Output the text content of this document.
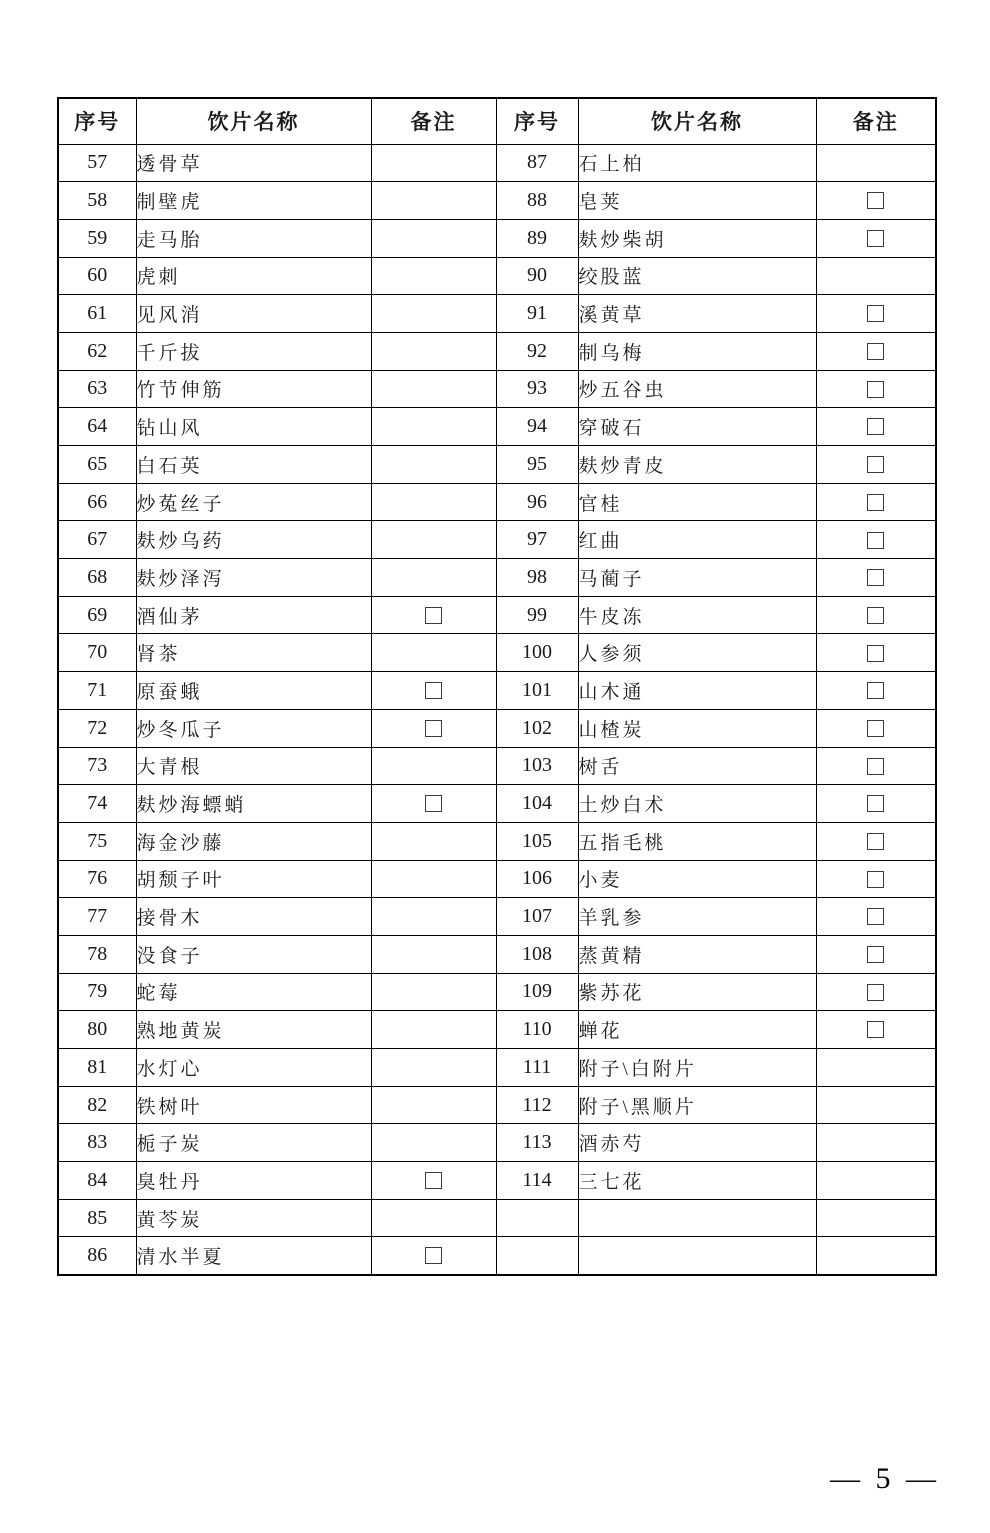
序号	饮片名称	备注	序号	饮片名称	备注
57	透骨草		87	石上柏	
58	制壁虎		88	皂荚	
59	走马胎		89	麸炒柴胡	
60	虎刺		90	绞股蓝	
61	见风消		91	溪黄草	
62	千斤拔		92	制乌梅	
63	竹节伸筋		93	炒五谷虫	
64	钻山风		94	穿破石	
65	白石英		95	麸炒青皮	
66	炒菟丝子		96	官桂	
67	麸炒乌药		97	红曲	
68	麸炒泽泻		98	马蔺子	
69	酒仙茅		99	牛皮冻	
70	肾茶		100	人参须	
71	原蚕蛾		101	山木通	
72	炒冬瓜子		102	山楂炭	
73	大青根		103	树舌	
74	麸炒海螵蛸		104	土炒白术	
75	海金沙藤		105	五指毛桃	
76	胡颓子叶		106	小麦	
77	接骨木		107	羊乳参	
78	没食子		108	蒸黄精	
79	蛇莓		109	紫苏花	
80	熟地黄炭		110	蝉花	
81	水灯心		111	附子\白附片	
82	铁树叶		112	附子\黑顺片	
83	栀子炭		113	酒赤芍	
84	臭牡丹		114	三七花	
85	黄芩炭				
86	清水半夏				
— 5 —
